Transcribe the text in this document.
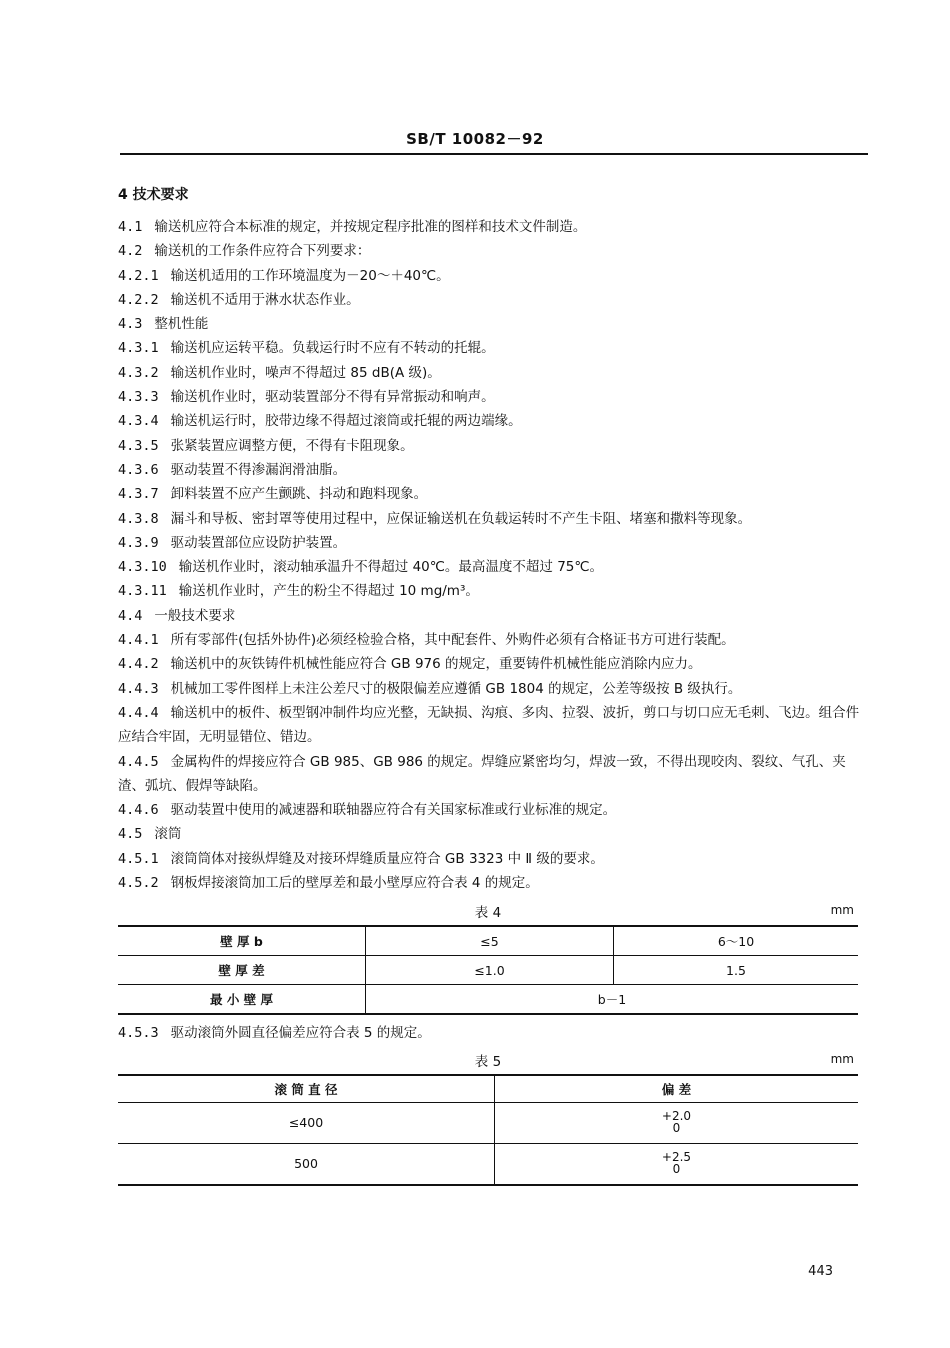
SB/T 10082－92
4 技术要求

4.1 输送机应符合本标准的规定，并按规定程序批准的图样和技术文件制造。

4.2 输送机的工作条件应符合下列要求：

4.2.1 输送机适用的工作环境温度为－20～＋40℃。

4.2.2 输送机不适用于淋水状态作业。

4.3 整机性能

4.3.1 输送机应运转平稳。负载运行时不应有不转动的托辊。

4.3.2 输送机作业时，噪声不得超过 85 dB(A 级)。

4.3.3 输送机作业时，驱动装置部分不得有异常振动和响声。

4.3.4 输送机运行时，胶带边缘不得超过滚筒或托辊的两边端缘。

4.3.5 张紧装置应调整方便，不得有卡阻现象。

4.3.6 驱动装置不得渗漏润滑油脂。

4.3.7 卸料装置不应产生颤跳、抖动和跑料现象。

4.3.8 漏斗和导板、密封罩等使用过程中，应保证输送机在负载运转时不产生卡阻、堵塞和撒料等现象。

4.3.9 驱动装置部位应设防护装置。

4.3.10 输送机作业时，滚动轴承温升不得超过 40℃。最高温度不超过 75℃。

4.3.11 输送机作业时，产生的粉尘不得超过 10 mg/m³。

4.4 一般技术要求

4.4.1 所有零部件(包括外协件)必须经检验合格，其中配套件、外购件必须有合格证书方可进行装配。

4.4.2 输送机中的灰铁铸件机械性能应符合 GB 976 的规定，重要铸件机械性能应消除内应力。

4.4.3 机械加工零件图样上未注公差尺寸的极限偏差应遵循 GB 1804 的规定，公差等级按 B 级执行。

4.4.4 输送机中的板件、板型钢冲制件均应光整，无缺损、沟痕、多肉、拉裂、波折，剪口与切口应无毛刺、飞边。组合件应结合牢固，无明显错位、错边。

4.4.5 金属构件的焊接应符合 GB 985、GB 986 的规定。焊缝应紧密均匀，焊波一致，不得出现咬肉、裂纹、气孔、夹渣、弧坑、假焊等缺陷。

4.4.6 驱动装置中使用的减速器和联轴器应符合有关国家标准或行业标准的规定。

4.5 滚筒

4.5.1 滚筒筒体对接纵焊缝及对接环焊缝质量应符合 GB 3323 中 Ⅱ 级的要求。

4.5.2 钢板焊接滚筒加工后的壁厚差和最小壁厚应符合表 4 的规定。

表 4	mm
壁 厚 b	≤5	6～10
壁 厚 差	≤1.0	1.5
最 小 壁 厚	b－1	

4.5.3 驱动滚筒外圆直径偏差应符合表 5 的规定。

表 5	mm
滚 筒 直 径	偏 差
≤400	+2.0
0
500	+2.5
0
443
